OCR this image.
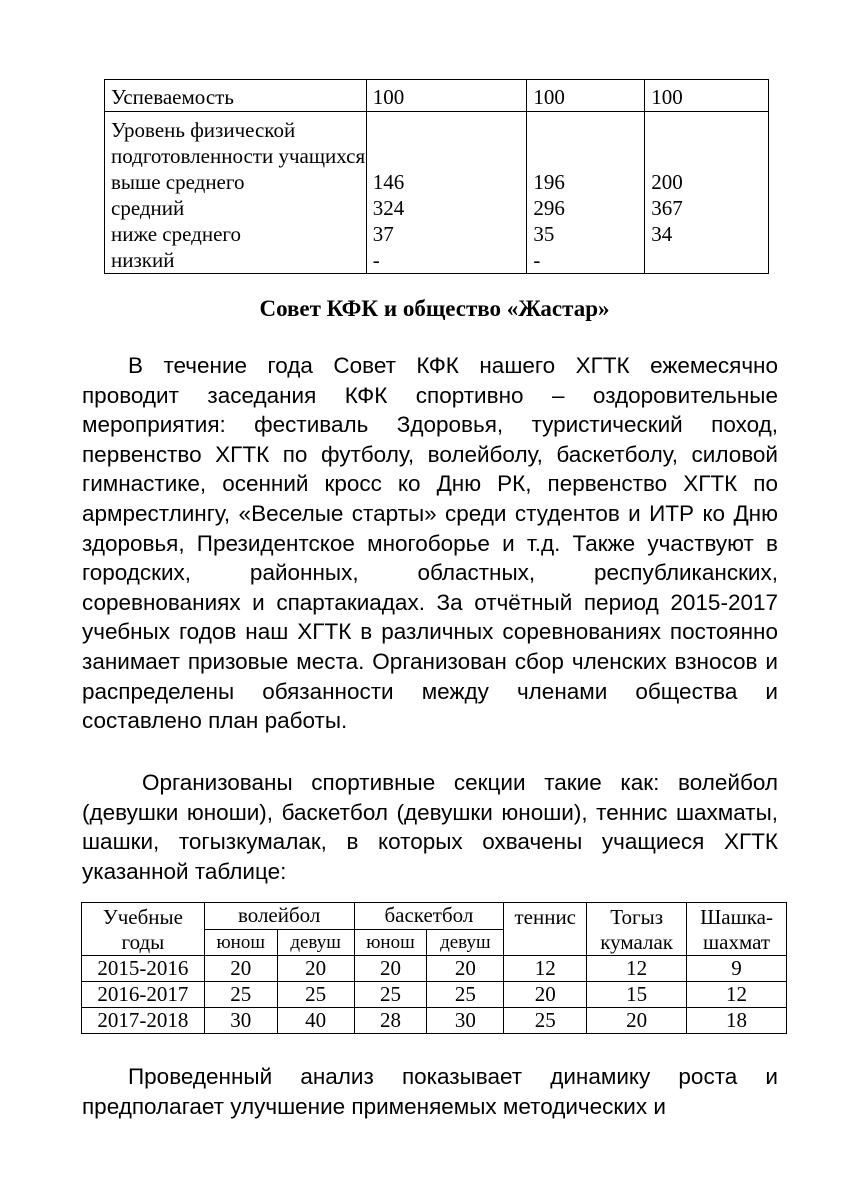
Успеваемость	100	100	100
Уровень физической подготовленности учащихся			
выше среднего	146	196	200
средний	324	296	367
ниже среднего	37	35	34
низкий	-	-	
Совет КФК и общество «Жастар»
В течение года Совет КФК нашего ХГТК ежемесячно проводит заседания КФК спортивно – оздоровительные мероприятия: фестиваль Здоровья, туристический поход, первенство ХГТК по футболу, волейболу, баскетболу, силовой гимнастике, осенний кросс ко Дню РК, первенство ХГТК по армрестлингу, «Веселые старты» среди студентов и ИТР ко Дню здоровья, Президентское многоборье и т.д. Также участвуют в городских, районных, областных, республиканских, соревнованиях и спартакиадах. За отчётный период 2015-2017 учебных годов наш ХГТК в различных соревнованиях постоянно занимает призовые места. Организован сбор членских взносов и распределены обязанности между членами общества и составлено план работы.
Организованы спортивные секции такие как: волейбол (девушки юноши), баскетбол (девушки юноши), теннис шахматы, шашки, тогызкумалак, в которых охвачены учащиеся ХГТК указанной таблице:
Учебные годы	волейбол		баскетбол		теннис	Тогыз кумалак	Шашка-шахмат
	юнош	девуш	юнош	девуш			
2015-2016	20	20	20	20	12	12	9
2016-2017	25	25	25	25	20	15	12
2017-2018	30	40	28	30	25	20	18
Проведенный анализ показывает динамику роста и предполагает улучшение применяемых методических и
